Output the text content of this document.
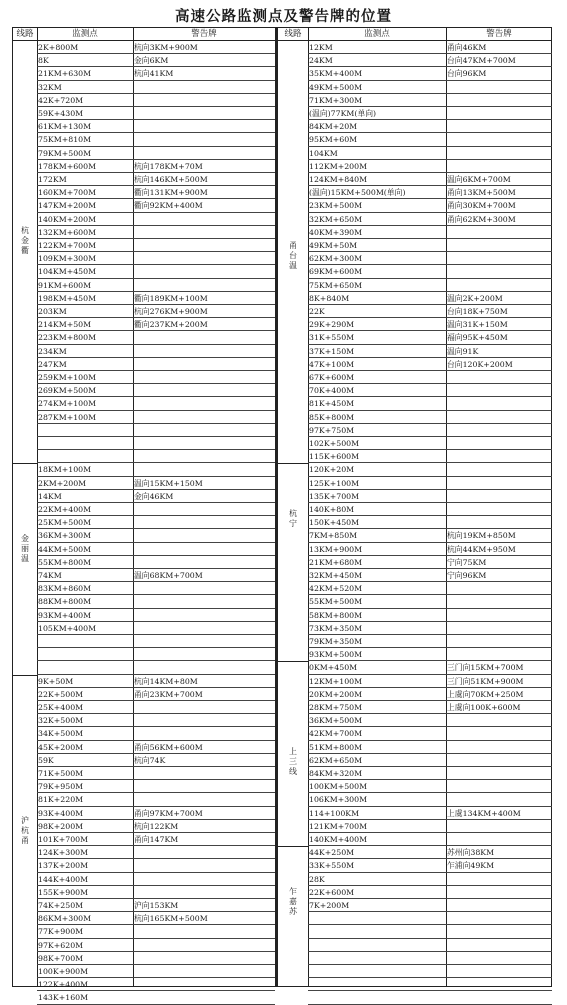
高速公路监测点及警告牌的位置
线路	监测点	警告牌
杭金衢
2K+800M	杭向3KM+900M
8K	金向6KM
21KM+630M	杭向41KM
32KM
42K+720M
59K+430M
61KM+130M
75KM+810M
79KM+500M
178KM+600M	杭向178KM+70M
172KM	杭向146KM+500M
160KM+700M	衢向131KM+900M
147KM+200M	衢向92KM+400M
140KM+200M
132KM+600M
122KM+700M
109KM+300M
104KM+450M
91KM+600M
198KM+450M	衢向189KM+100M
203KM	杭向276KM+900M
214KM+50M	衢向237KM+200M
223KM+800M
234KM
247KM
259KM+100M
269KM+500M
274KM+100M
287KM+100M
金丽温
18KM+100M
2KM+200M	温向15KM+150M
14KM	金向46KM
22KM+400M
25KM+500M
36KM+300M
44KM+500M
55KM+800M
74KM	温向68KM+700M
83KM+860M
88KM+800M
93KM+400M
105KM+400M
沪杭甬
9K+50M	杭向14KM+80M
22K+500M	甬向23KM+700M
25K+400M
32K+500M
34K+500M
45K+200M	甬向56KM+600M
59K	杭向74K
71K+500M
79K+950M
81K+220M
93K+400M	甬向97KM+700M
98K+200M	杭向122KM
101K+700M	甬向147KM
124K+300M
137K+200M
144K+400M
155K+900M
74K+250M	沪向153KM
86KM+300M	杭向165KM+500M
77K+900M
97K+620M
98K+700M
100K+900M
122K+400M
143K+160M
线路	监测点	警告牌
甬台温
12KM	甬向46KM
24KM	台向47KM+700M
35KM+400M	台向96KM
49KM+500M
71KM+300M
(温向)77KM(单向)
84KM+20M
95KM+60M
104KM
112KM+200M
124KM+840M	温向6KM+700M
(温向)15KM+500M(单向)	甬向13KM+500M
23KM+500M	甬向30KM+700M
32KM+650M	甬向62KM+300M
40KM+390M
49KM+50M
62KM+300M
69KM+600M
75KM+650M
8K+840M	温向2K+200M
22K	台向18K+750M
29K+290M	温向31K+150M
31K+550M	福向95K+450M
37K+150M	温向91K
47K+100M	台向120K+200M
67K+600M
70K+400M
81K+450M
85K+800M
97K+750M
102K+500M
115K+600M
杭宁
120K+20M
125K+100M
135K+700M
140K+80M
150K+450M
7KM+850M	杭向19KM+850M
13KM+900M	杭向44KM+950M
21KM+680M	宁向75KM
32KM+450M	宁向96KM
42KM+520M
55KM+500M
58KM+800M
73KM+350M
79KM+350M
93KM+500M
上三线
0KM+450M	三门向15KM+700M
12KM+100M	三门向51KM+900M
20KM+200M	上虞向70KM+250M
28KM+750M	上虞向100K+600M
36KM+500M
42KM+700M
51KM+800M
62KM+650M
84KM+320M
100KM+500M
106KM+300M
114+100KM	上虞134KM+400M
121KM+700M
140KM+400M
乍嘉苏
44K+250M	苏州向38KM
33K+550M	乍浦向49KM
28K
22K+600M
7K+200M
